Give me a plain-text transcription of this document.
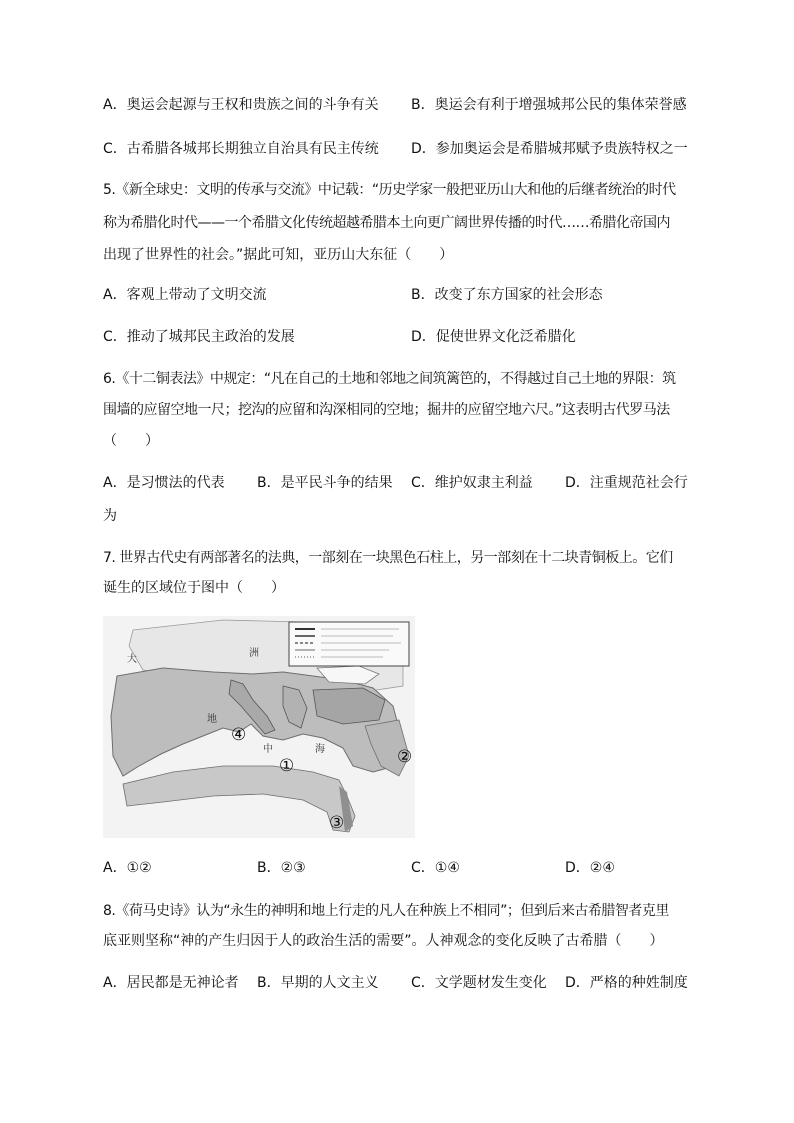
A．奥运会起源与王权和贵族之间的斗争有关 B．奥运会有利于增强城邦公民的集体荣誉感
C．古希腊各城邦长期独立自治具有民主传统 D．参加奥运会是希腊城邦赋予贵族特权之一
5.《新全球史：文明的传承与交流》中记载：“历史学家一般把亚历山大和他的后继者统治的时代
称为希腊化时代——一个希腊文化传统超越希腊本土向更广阔世界传播的时代……希腊化帝国内
出现了世界性的社会。”据此可知，亚历山大东征（　　）
A．客观上带动了文明交流	B．改变了东方国家的社会形态
C．推动了城邦民主政治的发展	D．促使世界文化泛希腊化
6.《十二铜表法》中规定：“凡在自己的土地和邻地之间筑篱笆的，不得越过自己土地的界限：筑
围墙的应留空地一尺；挖沟的应留和沟深相同的空地；掘井的应留空地六尺。”这表明古代罗马法
（　　）
A．是习惯法的代表 B．是平民斗争的结果 C．维护奴隶主利益 D．注重规范社会行
为
7. 世界古代史有两部著名的法典，一部刻在一块黑色石柱上，另一部刻在十二块青铜板上。它们
诞生的区域位于图中（　　）
大
洲
地
中	海
①	②
③
④
A．①②	B．②③	C．①④	D．②④
8.《荷马史诗》认为“永生的神明和地上行走的凡人在种族上不相同”；但到后来古希腊智者克里
底亚则坚称“神的产生归因于人的政治生活的需要”。人神观念的变化反映了古希腊（　　）
A．居民都是无神论者 B．早期的人文主义 C．文学题材发生变化 D．严格的种姓制度
